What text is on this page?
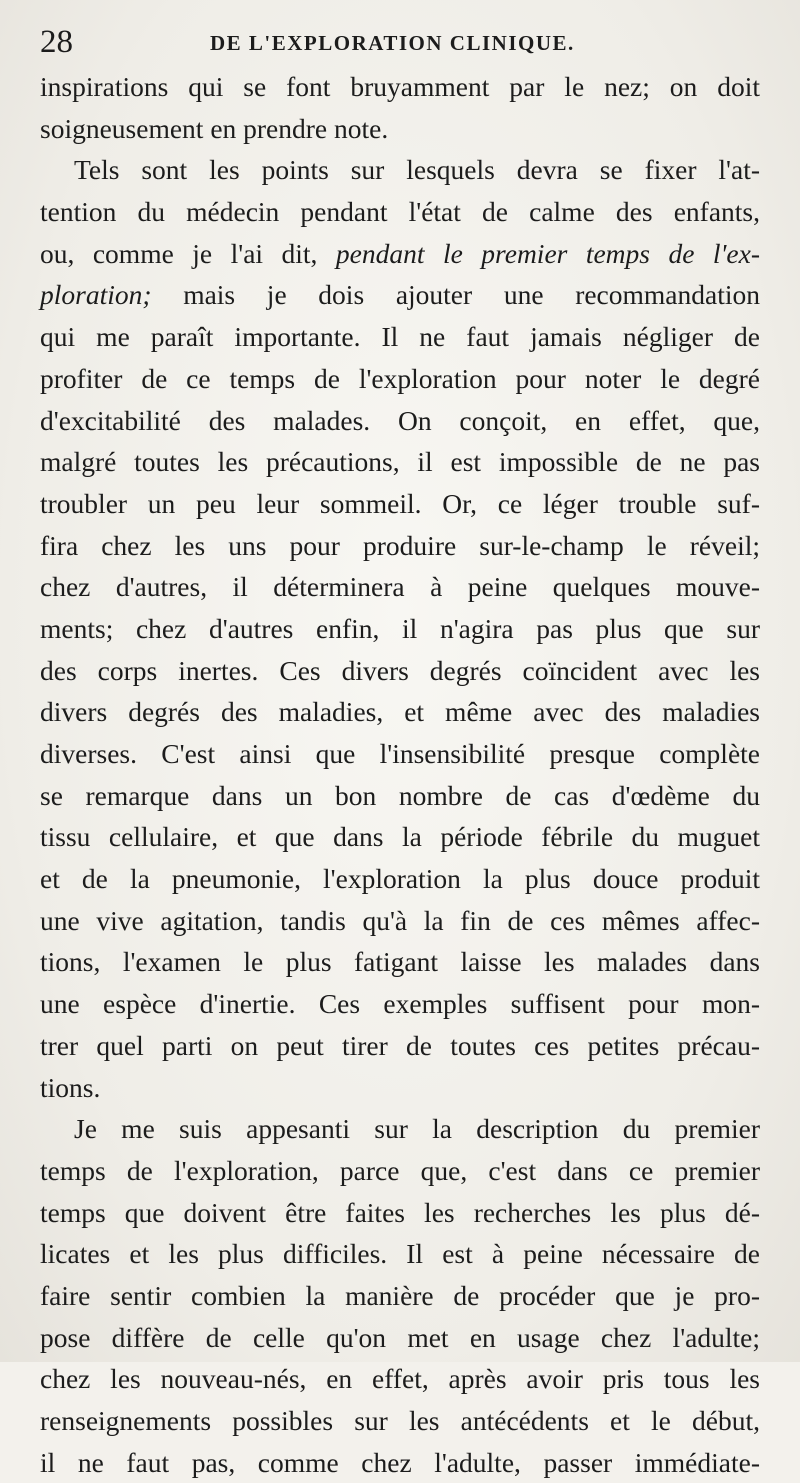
28	DE L'EXPLORATION CLINIQUE.
inspirations qui se font bruyamment par le nez; on doit
soigneusement en prendre note.
Tels sont les points sur lesquels devra se fixer l'at-
tention du médecin pendant l'état de calme des enfants,
ou, comme je l'ai dit, pendant le premier temps de l'ex-
ploration; mais je dois ajouter une recommandation
qui me paraît importante. Il ne faut jamais négliger de
profiter de ce temps de l'exploration pour noter le degré
d'excitabilité des malades. On conçoit, en effet, que,
malgré toutes les précautions, il est impossible de ne pas
troubler un peu leur sommeil. Or, ce léger trouble suf-
fira chez les uns pour produire sur-le-champ le réveil;
chez d'autres, il déterminera à peine quelques mouve-
ments; chez d'autres enfin, il n'agira pas plus que sur
des corps inertes. Ces divers degrés coïncident avec les
divers degrés des maladies, et même avec des maladies
diverses. C'est ainsi que l'insensibilité presque complète
se remarque dans un bon nombre de cas d'œdème du
tissu cellulaire, et que dans la période fébrile du muguet
et de la pneumonie, l'exploration la plus douce produit
une vive agitation, tandis qu'à la fin de ces mêmes affec-
tions, l'examen le plus fatigant laisse les malades dans
une espèce d'inertie. Ces exemples suffisent pour mon-
trer quel parti on peut tirer de toutes ces petites précau-
tions.
Je me suis appesanti sur la description du premier
temps de l'exploration, parce que, c'est dans ce premier
temps que doivent être faites les recherches les plus dé-
licates et les plus difficiles. Il est à peine nécessaire de
faire sentir combien la manière de procéder que je pro-
pose diffère de celle qu'on met en usage chez l'adulte;
chez les nouveau-nés, en effet, après avoir pris tous les
renseignements possibles sur les antécédents et le début,
il ne faut pas, comme chez l'adulte, passer immédiate-
